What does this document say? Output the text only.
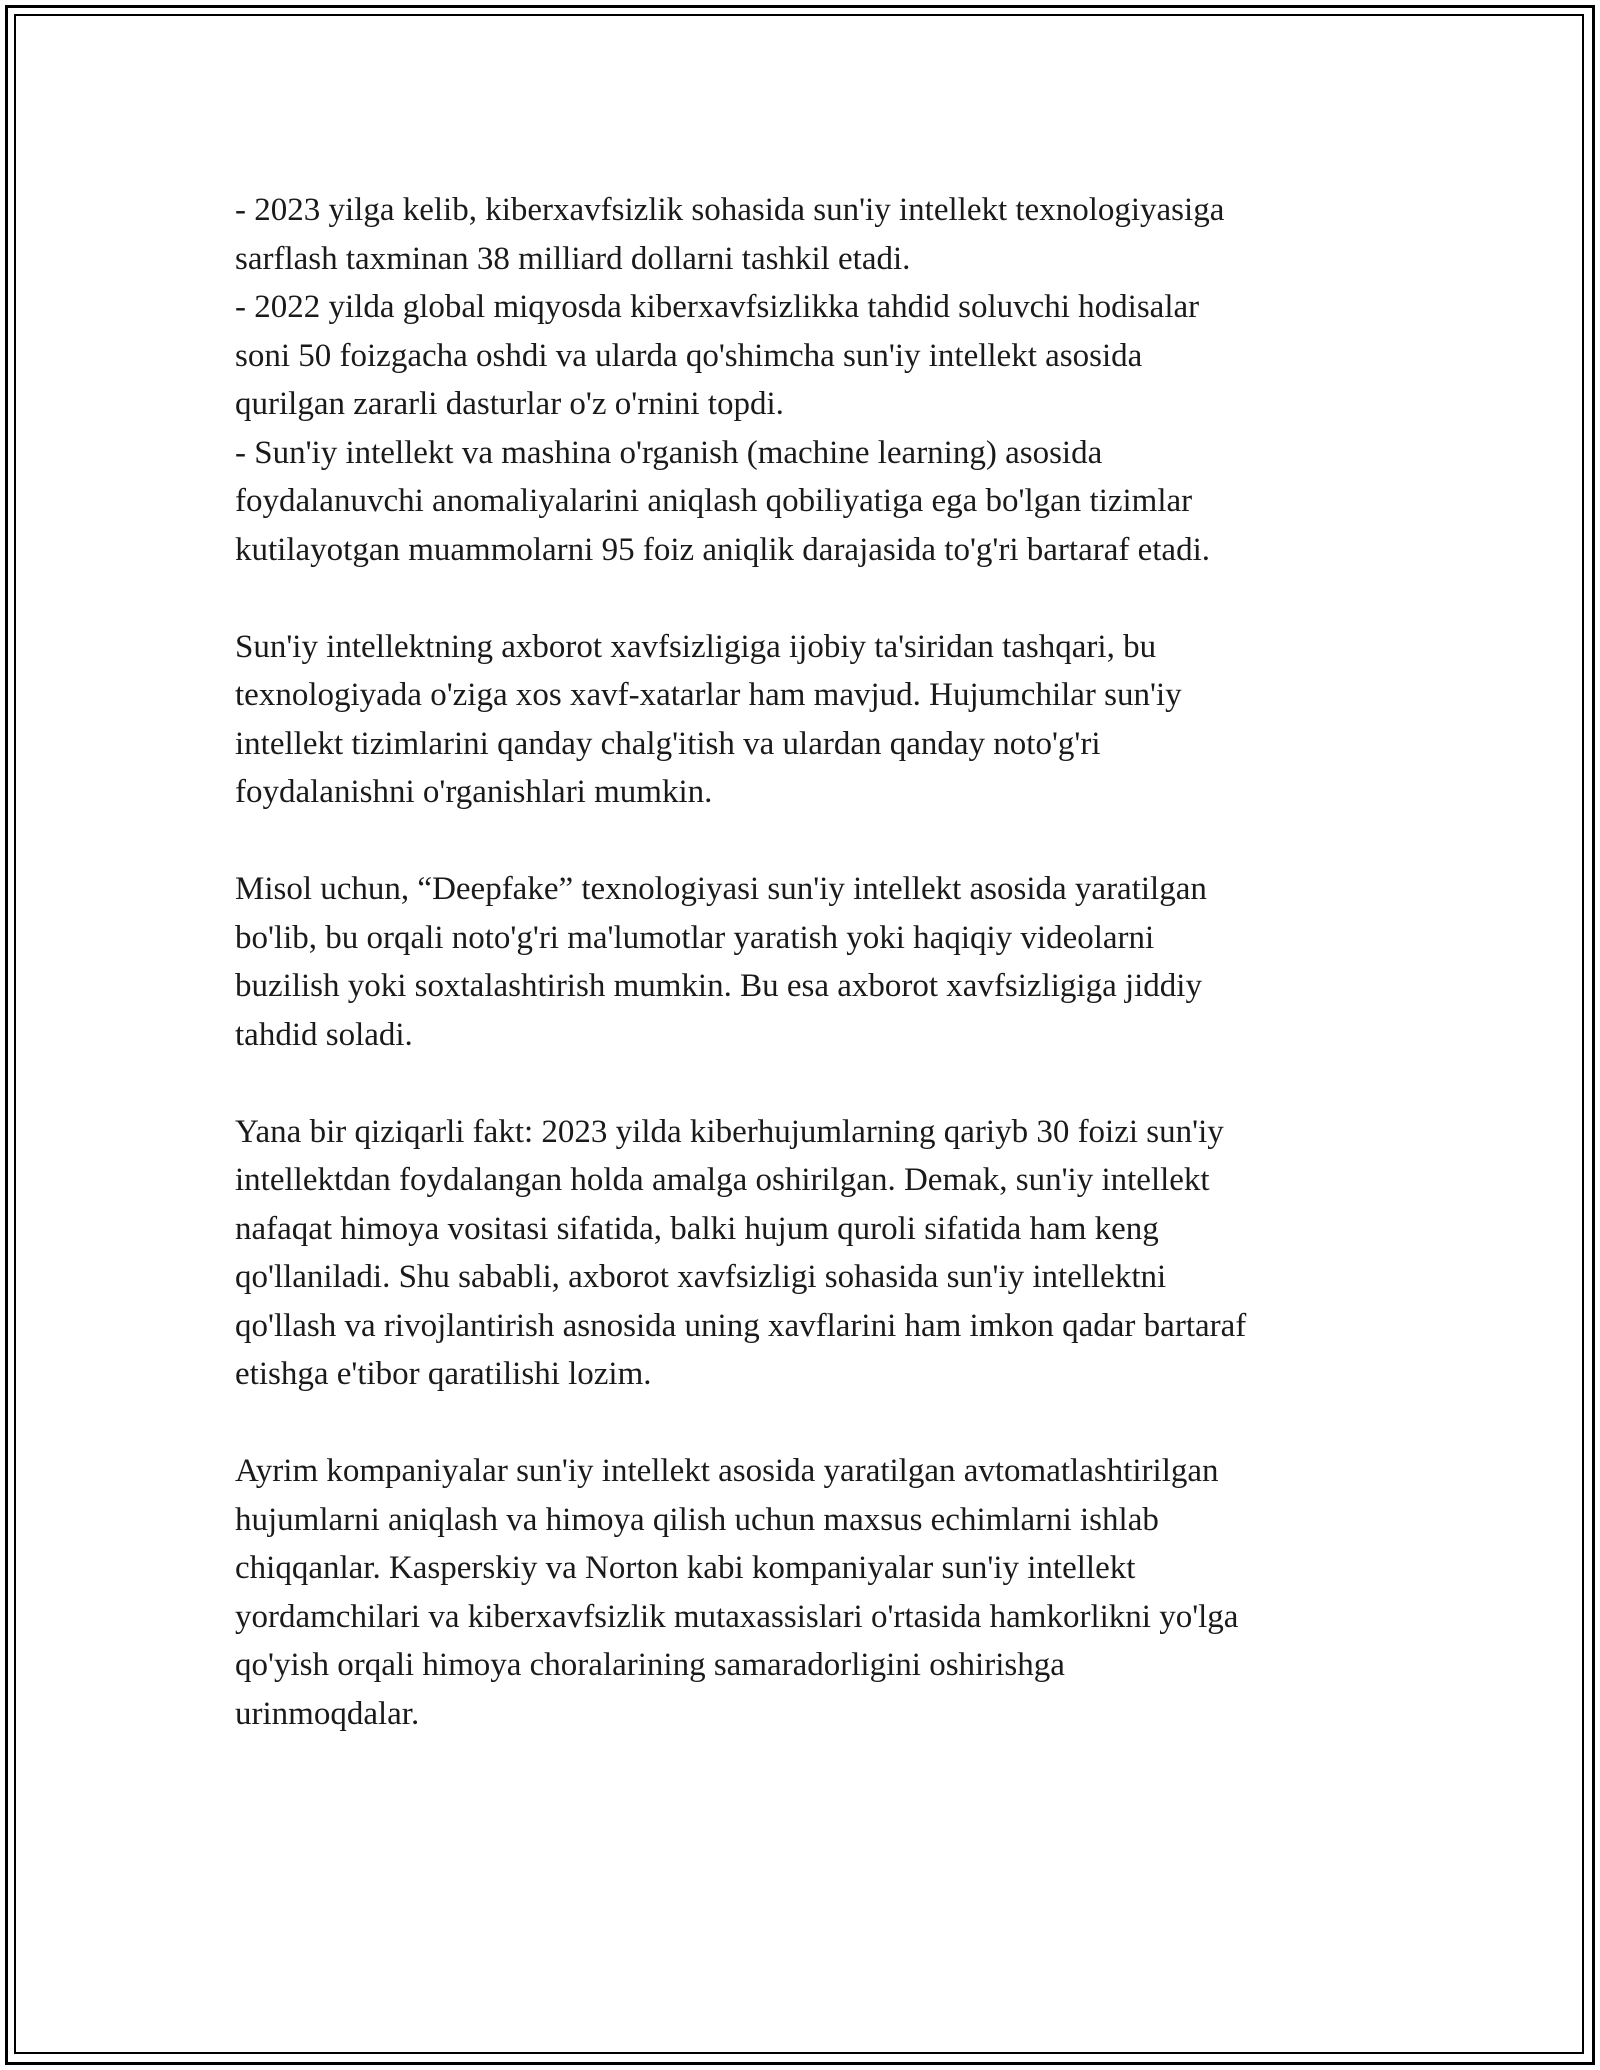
- 2023 yilga kelib, kiberxavfsizlik sohasida sun'iy intellekt texnologiyasiga
sarflash taxminan 38 milliard dollarni tashkil etadi.
- 2022 yilda global miqyosda kiberxavfsizlikka tahdid soluvchi hodisalar
soni 50 foizgacha oshdi va ularda qo'shimcha sun'iy intellekt asosida
qurilgan zararli dasturlar o'z o'rnini topdi.
- Sun'iy intellekt va mashina o'rganish (machine learning) asosida
foydalanuvchi anomaliyalarini aniqlash qobiliyatiga ega bo'lgan tizimlar
kutilayotgan muammolarni 95 foiz aniqlik darajasida to'g'ri bartaraf etadi.

Sun'iy intellektning axborot xavfsizligiga ijobiy ta'siridan tashqari, bu
texnologiyada o'ziga xos xavf-xatarlar ham mavjud. Hujumchilar sun'iy
intellekt tizimlarini qanday chalg'itish va ulardan qanday noto'g'ri
foydalanishni o'rganishlari mumkin.

Misol uchun, “Deepfake” texnologiyasi sun'iy intellekt asosida yaratilgan
bo'lib, bu orqali noto'g'ri ma'lumotlar yaratish yoki haqiqiy videolarni
buzilish yoki soxtalashtirish mumkin. Bu esa axborot xavfsizligiga jiddiy
tahdid soladi.

Yana bir qiziqarli fakt: 2023 yilda kiberhujumlarning qariyb 30 foizi sun'iy
intellektdan foydalangan holda amalga oshirilgan. Demak, sun'iy intellekt
nafaqat himoya vositasi sifatida, balki hujum quroli sifatida ham keng
qo'llaniladi. Shu sababli, axborot xavfsizligi sohasida sun'iy intellektni
qo'llash va rivojlantirish asnosida uning xavflarini ham imkon qadar bartaraf
etishga e'tibor qaratilishi lozim.

Ayrim kompaniyalar sun'iy intellekt asosida yaratilgan avtomatlashtirilgan
hujumlarni aniqlash va himoya qilish uchun maxsus echimlarni ishlab
chiqqanlar. Kasperskiy va Norton kabi kompaniyalar sun'iy intellekt
yordamchilari va kiberxavfsizlik mutaxassislari o'rtasida hamkorlikni yo'lga
qo'yish orqali himoya choralarining samaradorligini oshirishga
urinmoqdalar.
